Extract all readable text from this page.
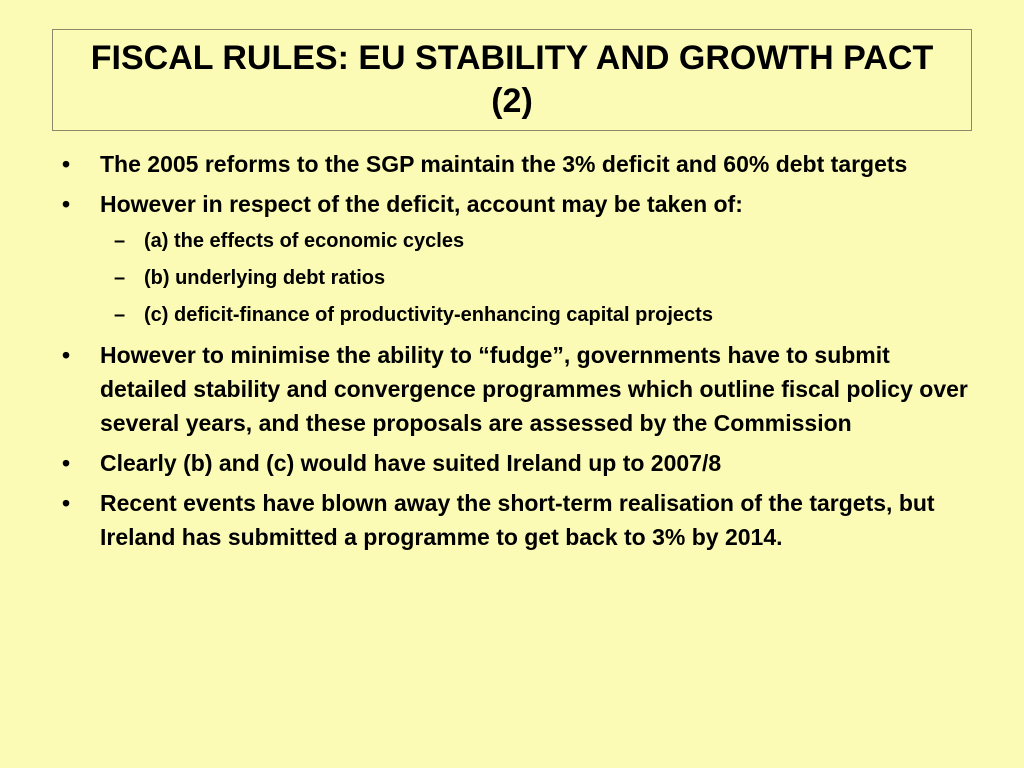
FISCAL RULES: EU STABILITY AND GROWTH PACT (2)
•	The 2005 reforms to the SGP maintain the 3% deficit and 60% debt targets
•	However in respect of the deficit, account may be taken of:
– (a) the effects of economic cycles
– (b) underlying debt ratios
– (c) deficit-finance of productivity-enhancing capital projects
•	However to minimise the ability to “fudge”, governments have to submit detailed stability and convergence programmes which outline fiscal policy over several years, and these proposals are assessed by the Commission
•	Clearly (b) and (c) would have suited Ireland up to 2007/8
•	Recent events have blown away the short-term realisation of the targets, but Ireland has submitted a programme to get back to 3% by 2014.
